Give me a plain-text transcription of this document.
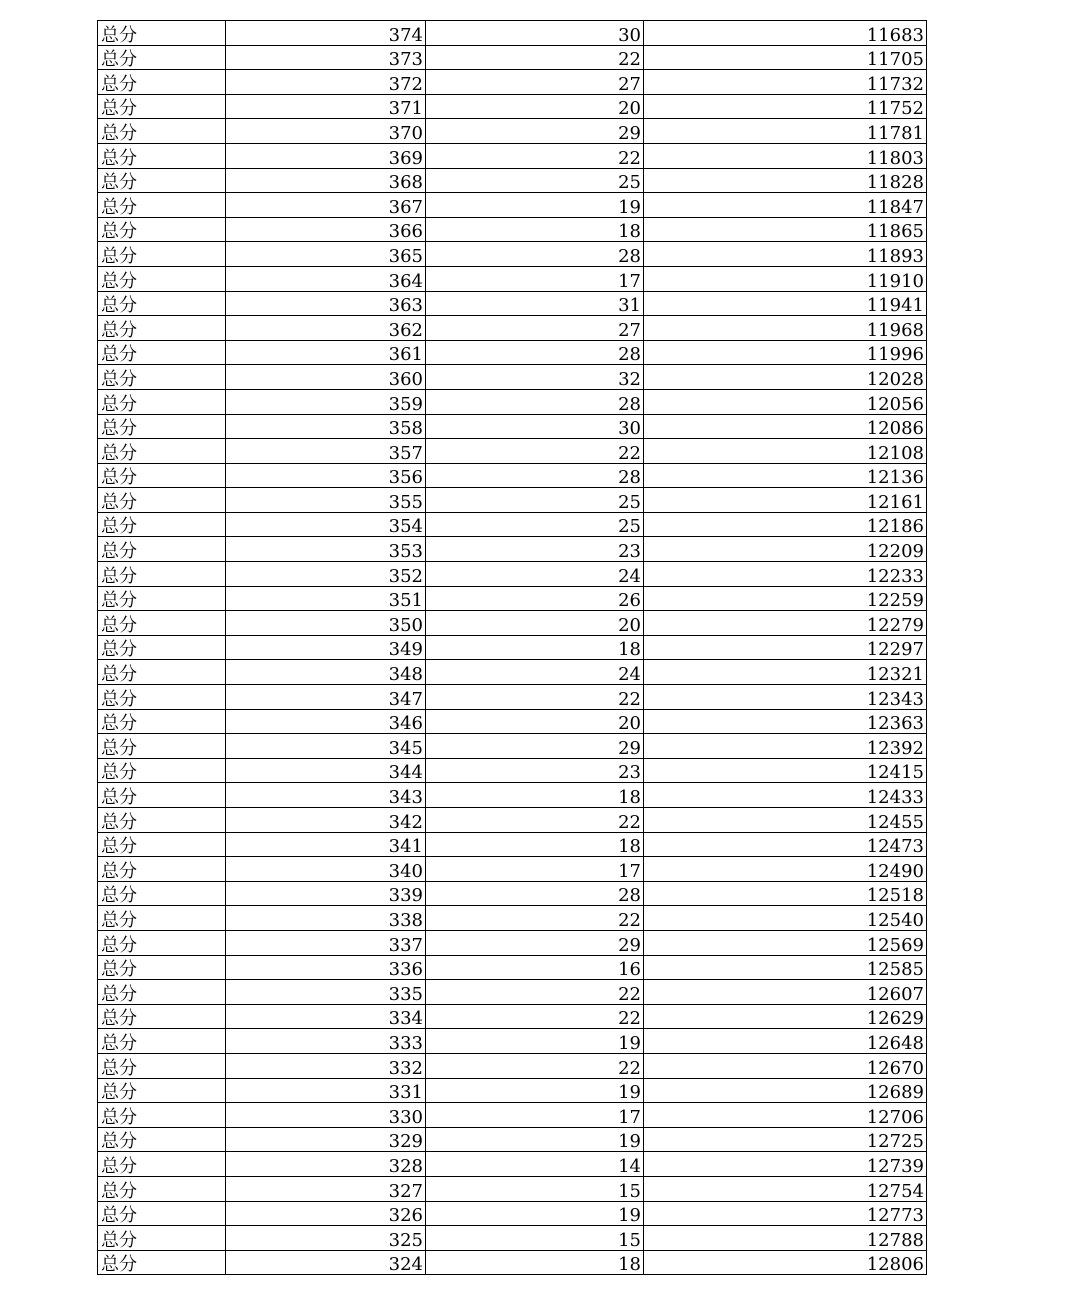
总分	374	30	11683
总分	373	22	11705
总分	372	27	11732
总分	371	20	11752
总分	370	29	11781
总分	369	22	11803
总分	368	25	11828
总分	367	19	11847
总分	366	18	11865
总分	365	28	11893
总分	364	17	11910
总分	363	31	11941
总分	362	27	11968
总分	361	28	11996
总分	360	32	12028
总分	359	28	12056
总分	358	30	12086
总分	357	22	12108
总分	356	28	12136
总分	355	25	12161
总分	354	25	12186
总分	353	23	12209
总分	352	24	12233
总分	351	26	12259
总分	350	20	12279
总分	349	18	12297
总分	348	24	12321
总分	347	22	12343
总分	346	20	12363
总分	345	29	12392
总分	344	23	12415
总分	343	18	12433
总分	342	22	12455
总分	341	18	12473
总分	340	17	12490
总分	339	28	12518
总分	338	22	12540
总分	337	29	12569
总分	336	16	12585
总分	335	22	12607
总分	334	22	12629
总分	333	19	12648
总分	332	22	12670
总分	331	19	12689
总分	330	17	12706
总分	329	19	12725
总分	328	14	12739
总分	327	15	12754
总分	326	19	12773
总分	325	15	12788
总分	324	18	12806
